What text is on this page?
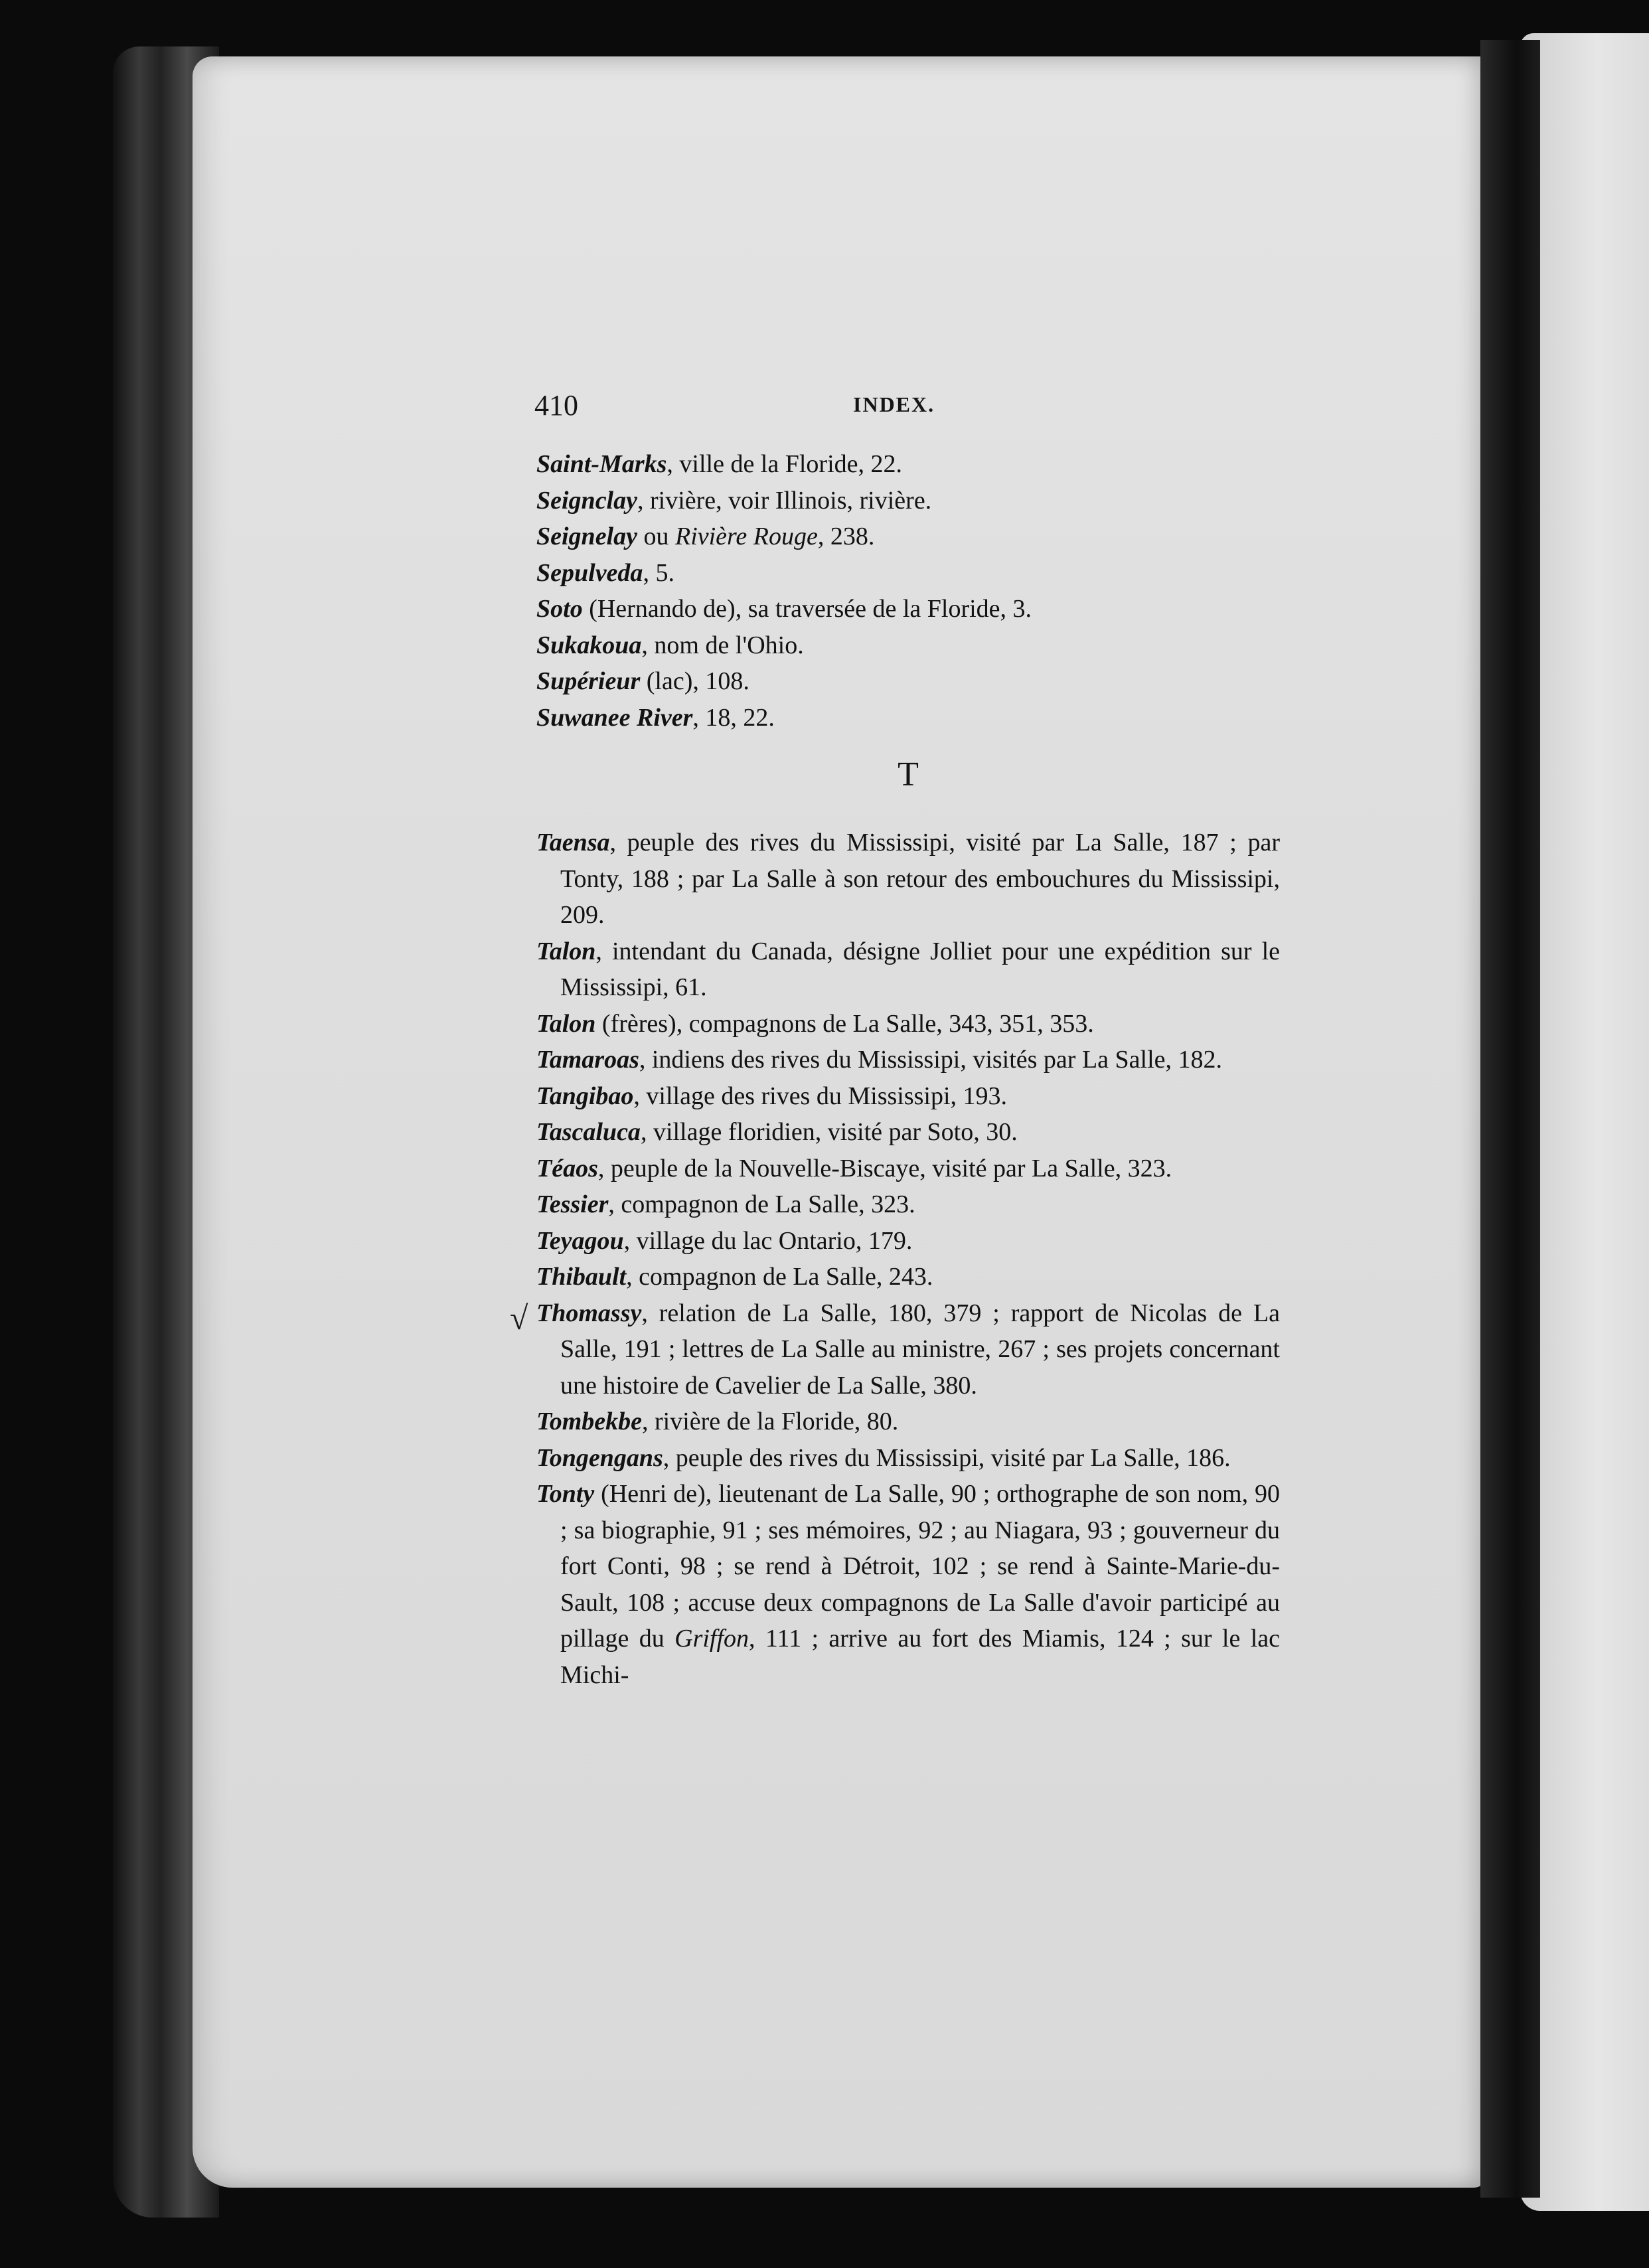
410	INDEX.
√

Saint-Marks, ville de la Floride, 22.

Seignclay, rivière, voir Illinois, rivière.

Seignelay ou Rivière Rouge, 238.

Sepulveda, 5.

Soto (Hernando de), sa traversée de la Floride, 3.

Sukakoua, nom de l'Ohio.

Supérieur (lac), 108.

Suwanee River, 18, 22.

T

Taensa, peuple des rives du Mississipi, visité par La Salle, 187 ; par Tonty, 188 ; par La Salle à son retour des embouchures du Mississipi, 209.

Talon, intendant du Canada, désigne Jolliet pour une expédition sur le Mississipi, 61.

Talon (frères), compagnons de La Salle, 343, 351, 353.

Tamaroas, indiens des rives du Mississipi, visités par La Salle, 182.

Tangibao, village des rives du Mississipi, 193.

Tascaluca, village floridien, visité par Soto, 30.

Téaos, peuple de la Nouvelle-Biscaye, visité par La Salle, 323.

Tessier, compagnon de La Salle, 323.

Teyagou, village du lac Ontario, 179.

Thibault, compagnon de La Salle, 243.

Thomassy, relation de La Salle, 180, 379 ; rapport de Nicolas de La Salle, 191 ; lettres de La Salle au ministre, 267 ; ses projets concernant une histoire de Cavelier de La Salle, 380.

Tombekbe, rivière de la Floride, 80.

Tongengans, peuple des rives du Mississipi, visité par La Salle, 186.

Tonty (Henri de), lieutenant de La Salle, 90 ; orthographe de son nom, 90 ; sa biographie, 91 ; ses mémoires, 92 ; au Niagara, 93 ; gouverneur du fort Conti, 98 ; se rend à Détroit, 102 ; se rend à Sainte-Marie-du-Sault, 108 ; accuse deux compagnons de La Salle d'avoir participé au pillage du Griffon, 111 ; arrive au fort des Miamis, 124 ; sur le lac Michi-
